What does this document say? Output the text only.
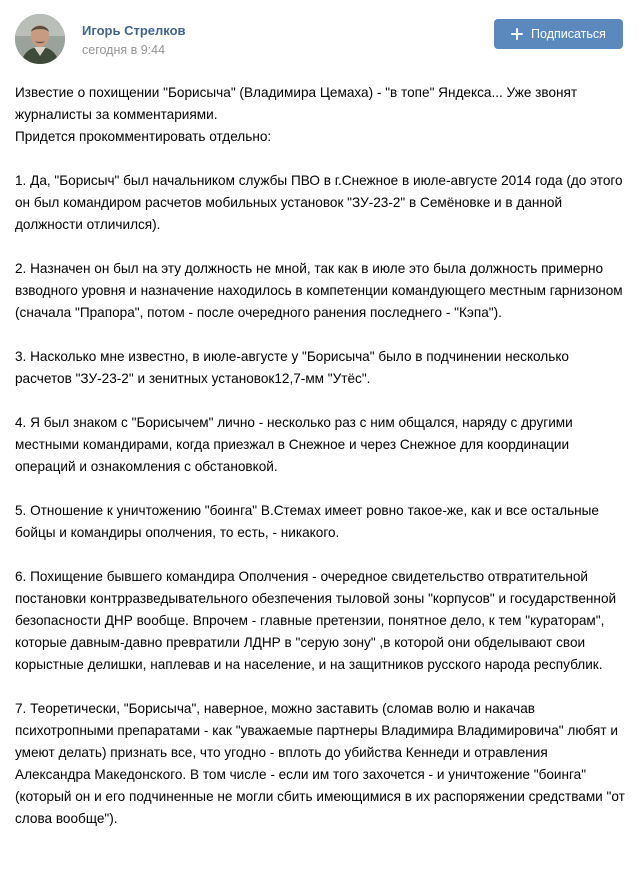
Игорь Стрелков
сегодня в 9:44
Подписаться

Известие о похищении "Борисыча" (Владимира Цемаха) - "в топе" Яндекса... Уже звонят журналисты за комментариями.
Придется прокомментировать отдельно:

1. Да, "Борисыч" был начальником службы ПВО в г.Снежное в июле-августе 2014 года (до этого он был командиром расчетов мобильных установок "ЗУ-23-2" в Семёновке и в данной должности отличился).

2. Назначен он был на эту должность не мной, так как в июле это была должность примерно взводного уровня и назначение находилось в компетенции командующего местным гарнизоном (сначала "Прапора", потом - после очередного ранения последнего - "Кэпа").

3. Насколько мне известно, в июле-августе у "Борисыча" было в подчинении несколько расчетов "ЗУ-23-2" и зенитных установок12,7-мм "Утёс".

4. Я был знаком с "Борисычем" лично - несколько раз с ним общался, наряду с другими местными командирами, когда приезжал в Снежное и через Снежное для координации операций и ознакомления с обстановкой.

5. Отношение к уничтожению "боинга" В.Стемах имеет ровно такое-же, как и все остальные бойцы и командиры ополчения, то есть, - никакого.

6. Похищение бывшего командира Ополчения - очередное свидетельство отвратительной постановки контрразведывательного обезпечения тыловой зоны "корпусов" и государственной безопасности ДНР вообще. Впрочем - главные претензии, понятное дело, к тем "кураторам", которые давным-давно превратили ЛДНР в "серую зону" ,в которой они обделывают свои корыстные делишки, наплевав и на население, и на защитников русского народа республик.

7. Теоретически, "Борисыча", наверное, можно заставить (сломав волю и накачав психотропными препаратами - как "уважаемые партнеры Владимира Владимировича" любят и умеют делать) признать все, что угодно - вплоть до убийства Кеннеди и отравления Александра Македонского. В том числе - если им того захочется - и уничтожение "боинга" (который он и его подчиненные не могли сбить имеющимися в их распоряжении средствами "от слова вообще").
